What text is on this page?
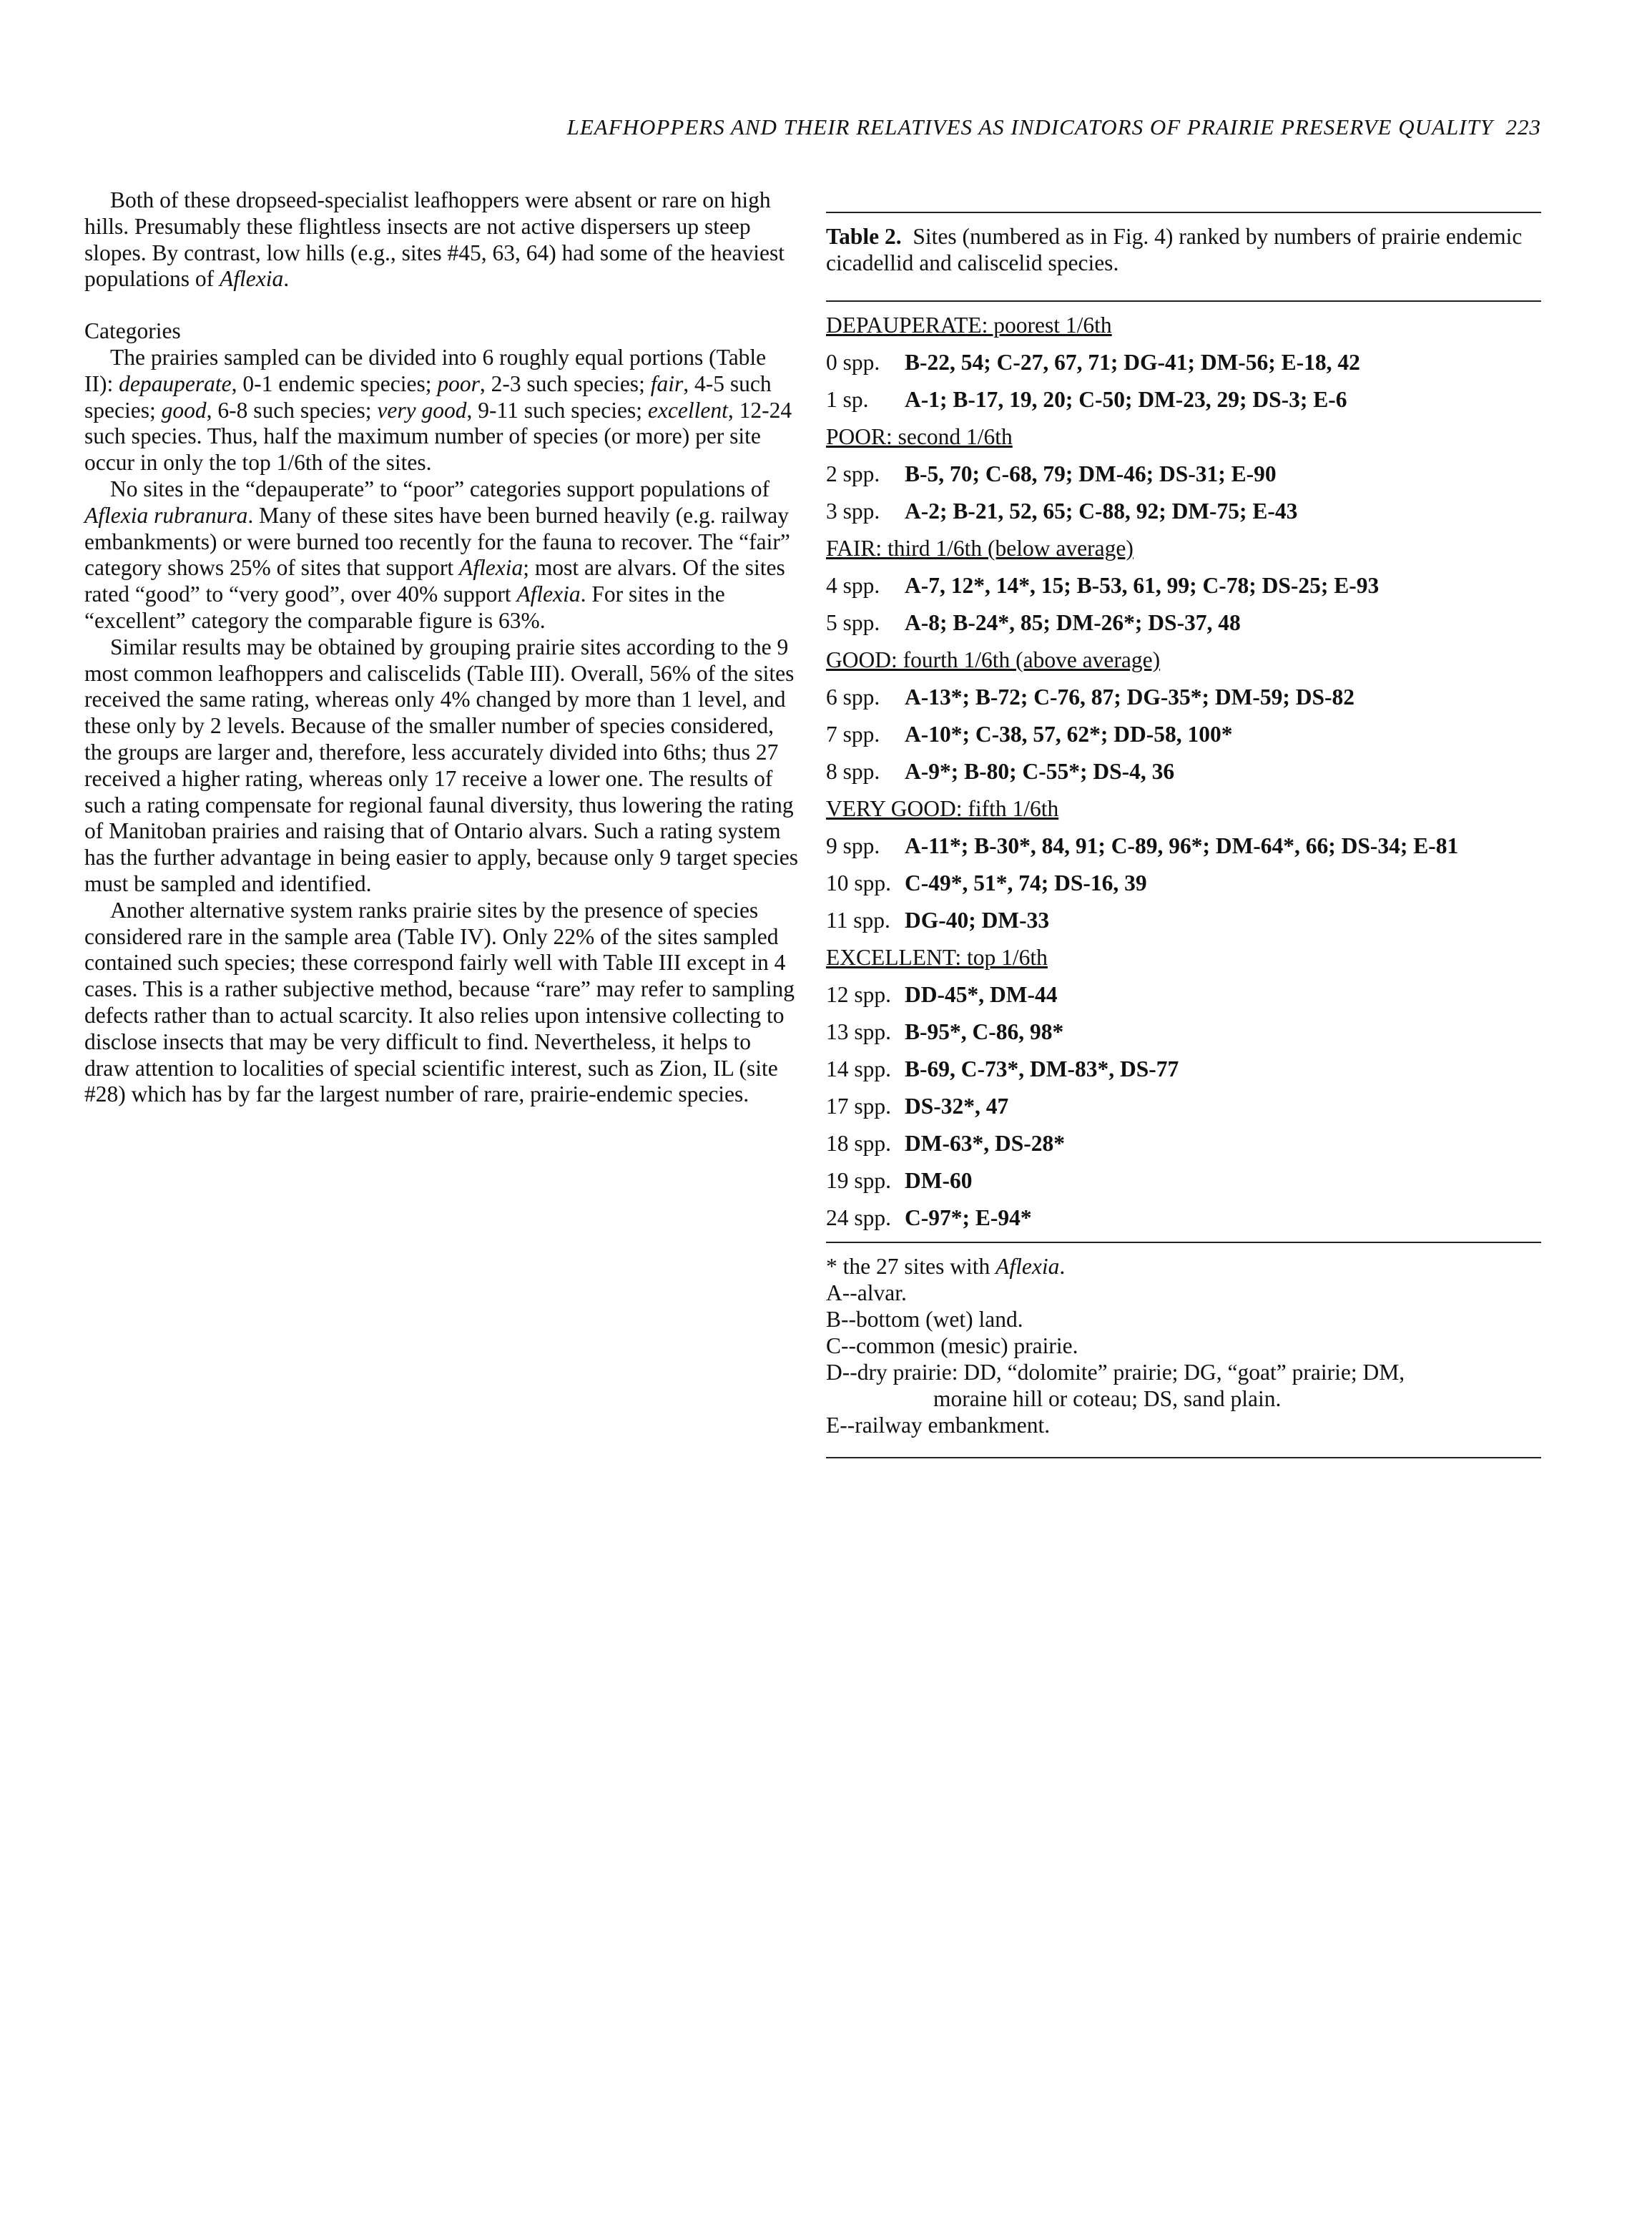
LEAFHOPPERS AND THEIR RELATIVES AS INDICATORS OF PRAIRIE PRESERVE QUALITY 223

Both of these dropseed-specialist leafhoppers were absent or rare on high hills. Presumably these flightless insects are not active dispersers up steep slopes. By contrast, low hills (e.g., sites #45, 63, 64) had some of the heaviest populations of Aflexia.

Categories

The prairies sampled can be divided into 6 roughly equal portions (Table II): depauperate, 0-1 endemic species; poor, 2-3 such species; fair, 4-5 such species; good, 6-8 such species; very good, 9-11 such species; excellent, 12-24 such species. Thus, half the maximum number of species (or more) per site occur in only the top 1/6th of the sites.

No sites in the “depauperate” to “poor” categories support populations of Aflexia rubranura. Many of these sites have been burned heavily (e.g. railway embankments) or were burned too recently for the fauna to recover. The “fair” category shows 25% of sites that support Aflexia; most are alvars. Of the sites rated “good” to “very good”, over 40% support Aflexia. For sites in the “excellent” category the comparable figure is 63%.

Similar results may be obtained by grouping prairie sites according to the 9 most common leafhoppers and caliscelids (Table III). Overall, 56% of the sites received the same rating, whereas only 4% changed by more than 1 level, and these only by 2 levels. Because of the smaller number of species considered, the groups are larger and, therefore, less accurately divided into 6ths; thus 27 received a higher rating, whereas only 17 receive a lower one. The results of such a rating compensate for regional faunal diversity, thus lowering the rating of Manitoban prairies and raising that of Ontario alvars. Such a rating system has the further advantage in being easier to apply, because only 9 target species must be sampled and identified.

Another alternative system ranks prairie sites by the presence of species considered rare in the sample area (Table IV). Only 22% of the sites sampled contained such species; these correspond fairly well with Table III except in 4 cases. This is a rather subjective method, because “rare” may refer to sampling defects rather than to actual scarcity. It also relies upon intensive collecting to disclose insects that may be very difficult to find. Nevertheless, it helps to draw attention to localities of special scientific interest, such as Zion, IL (site #28) which has by far the largest number of rare, prairie-endemic species.

Table 2. Sites (numbered as in Fig. 4) ranked by numbers of prairie endemic cicadellid and caliscelid species.

DEPAUPERATE: poorest 1/6th

0 spp. B-22, 54; C-27, 67, 71; DG-41; DM-56; E-18, 42

1 sp. A-1; B-17, 19, 20; C-50; DM-23, 29; DS-3; E-6

POOR: second 1/6th

2 spp. B-5, 70; C-68, 79; DM-46; DS-31; E-90

3 spp. A-2; B-21, 52, 65; C-88, 92; DM-75; E-43

FAIR: third 1/6th (below average)

4 spp. A-7, 12*, 14*, 15; B-53, 61, 99; C-78; DS-25; E-93

5 spp. A-8; B-24*, 85; DM-26*; DS-37, 48

GOOD: fourth 1/6th (above average)

6 spp. A-13*; B-72; C-76, 87; DG-35*; DM-59; DS-82

7 spp. A-10*; C-38, 57, 62*; DD-58, 100*

8 spp. A-9*; B-80; C-55*; DS-4, 36

VERY GOOD: fifth 1/6th

9 spp. A-11*; B-30*, 84, 91; C-89, 96*; DM-64*, 66; DS-34; E-81

10 spp. C-49*, 51*, 74; DS-16, 39

11 spp. DG-40; DM-33

EXCELLENT: top 1/6th

12 spp. DD-45*, DM-44

13 spp. B-95*, C-86, 98*

14 spp. B-69, C-73*, DM-83*, DS-77

17 spp. DS-32*, 47

18 spp. DM-63*, DS-28*

19 spp. DM-60

24 spp. C-97*; E-94*

* the 27 sites with Aflexia.

A--alvar.

B--bottom (wet) land.

C--common (mesic) prairie.

D--dry prairie: DD, “dolomite” prairie; DG, “goat” prairie; DM,

moraine hill or coteau; DS, sand plain.

E--railway embankment.
